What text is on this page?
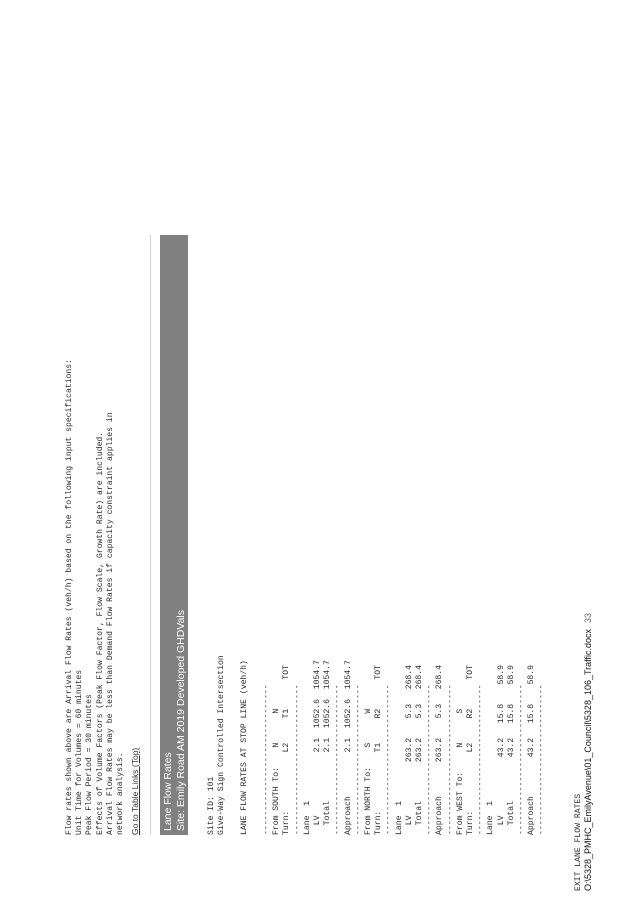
Flow rates shown above are Arrival Flow Rates (veh/h) based on the following input specifications:
Unit Time for Volumes = 60 minutes
Peak Flow Period = 30 minutes
Effects of Volume Factors (Peak Flow Factor, Flow Scale, Growth Rate) are included.
Arrival Flow Rates may be less than Demand Flow Rates if capacity constraint applies in
network analysis. Go to Table Links (Top) Lane Flow Rates Site: Emily Road AM 2019 Developed GHDVals Site ID: 101
Give-Way Sign Controlled Intersection LANE FLOW RATES AT STOP LINE (veh/h) -------------------------------
From SOUTH To:    N      N
Turn:            L2     T1      TOT
-------------------------------
Lane  1
LV             2.1  1052.6  1054.7
Total          2.1  1052.6  1054.7
-------------------------------
Approach         2.1  1052.6  1054.7
-------------------------------
From NORTH To:    S      W
Turn:            T1     R2      TOT
-------------------------------
Lane  1
LV           263.2    5.3   268.4
Total        263.2    5.3   268.4
-------------------------------
Approach       263.2    5.3   268.4
-------------------------------
From WEST To:     N      S
Turn:            L2     R2      TOT
-------------------------------
Lane  1
LV            43.2   15.8    58.9
Total         43.2   15.8    58.9
-------------------------------
Approach        43.2   15.8    58.9
-------------------------------
EXIT LANE FLOW RATES O:\5328_PMHC_EmilyAvenue\01_Council\5328_106_Traffic.docx33
